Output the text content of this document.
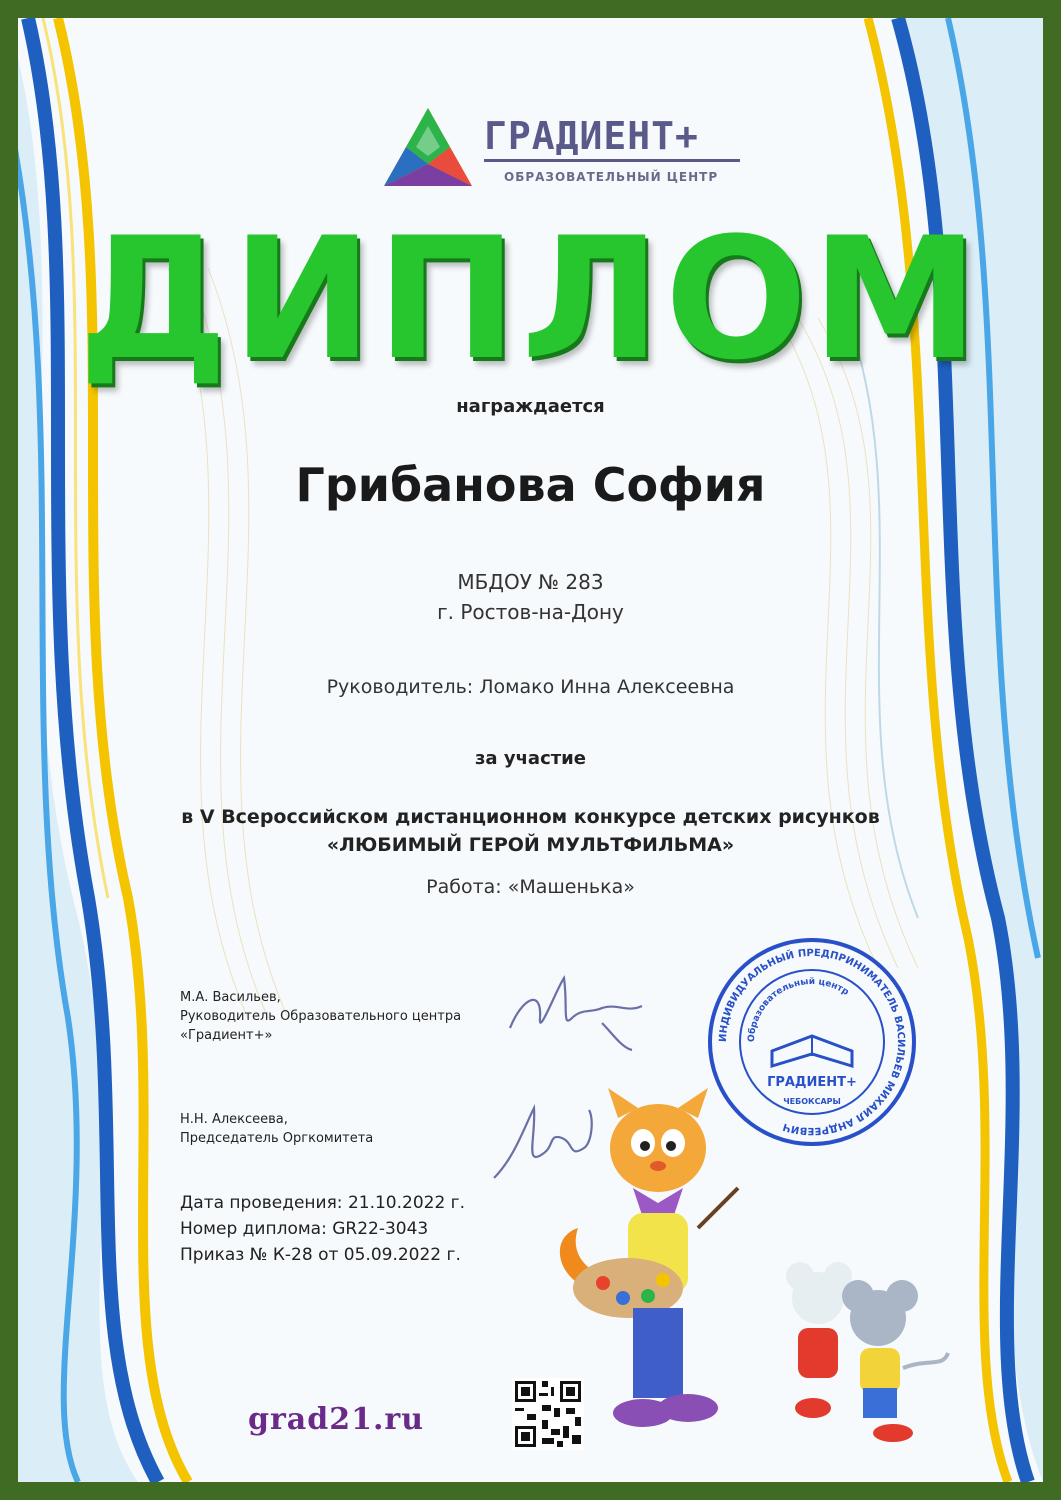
ГРАДИЕНТ+
ОБРАЗОВАТЕЛЬНЫЙ ЦЕНТР
ДИПЛОМ
награждается
Грибанова София
МБДОУ № 283
г. Ростов-на-Дону
Руководитель: Ломако Инна Алексеевна
за участие
в V Всероссийском дистанционном конкурсе детских рисунков
«ЛЮБИМЫЙ ГЕРОЙ МУЛЬТФИЛЬМА»
Работа: «Машенька»
М.А. Васильев,
Руководитель Образовательного центра
«Градиент+»
Н.Н. Алексеева,
Председатель Оргкомитета
ИНДИВИДУАЛЬНЫЙ ПРЕДПРИНИМАТЕЛЬ ВАСИЛЬЕВ МИХАИЛ АНДРЕЕВИЧ
Образовательный центр
ГРАДИЕНТ+
ЧЕБОКСАРЫ
Дата проведения: 21.10.2022 г.
Номер диплома: GR22-3043
Приказ № К-28 от 05.09.2022 г.
grad21.ru
